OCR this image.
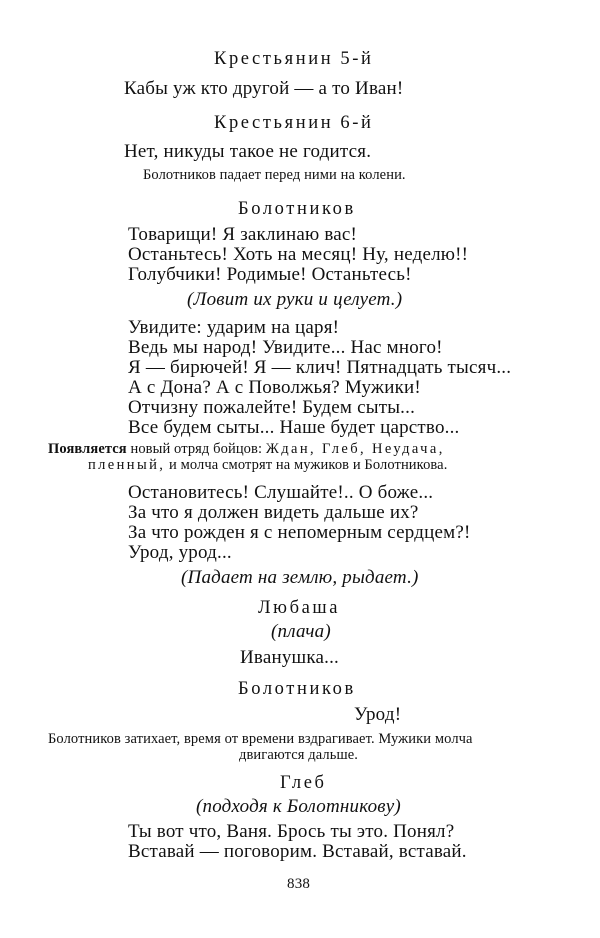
Крестьянин 5-й
Кабы уж кто другой — а то Иван!
Крестьянин 6-й
Нет, никуды такое не годится.
Болотников падает перед ними на колени.
Болотников
Товарищи! Я заклинаю вас!
Останьтесь! Хоть на месяц! Ну, неделю!!
Голубчики! Родимые! Останьтесь!
(Ловит их руки и целует.)
Увидите: ударим на царя!
Ведь мы народ! Увидите... Нас много!
Я — бирючей! Я — клич! Пятнадцать тысяч...
А с Дона? А с Поволжья? Мужики!
Отчизну пожалейте! Будем сыты...
Все будем сыты... Наше будет царство...
Появляется новый отряд бойцов: Ждан, Глеб, Неудача,
пленный, и молча смотрят на мужиков и Болотникова.
Остановитесь! Слушайте!.. О боже...
За что я должен видеть дальше их?
За что рожден я с непомерным сердцем?!
Урод, урод...
(Падает на землю, рыдает.)
Любаша
(плача)
Иванушка...
Болотников
Урод!
Болотников затихает, время от времени вздрагивает. Мужики молча
двигаются дальше.
Глеб
(подходя к Болотникову)
Ты вот что, Ваня. Брось ты это. Понял?
Вставай — поговорим. Вставай, вставай.
838
